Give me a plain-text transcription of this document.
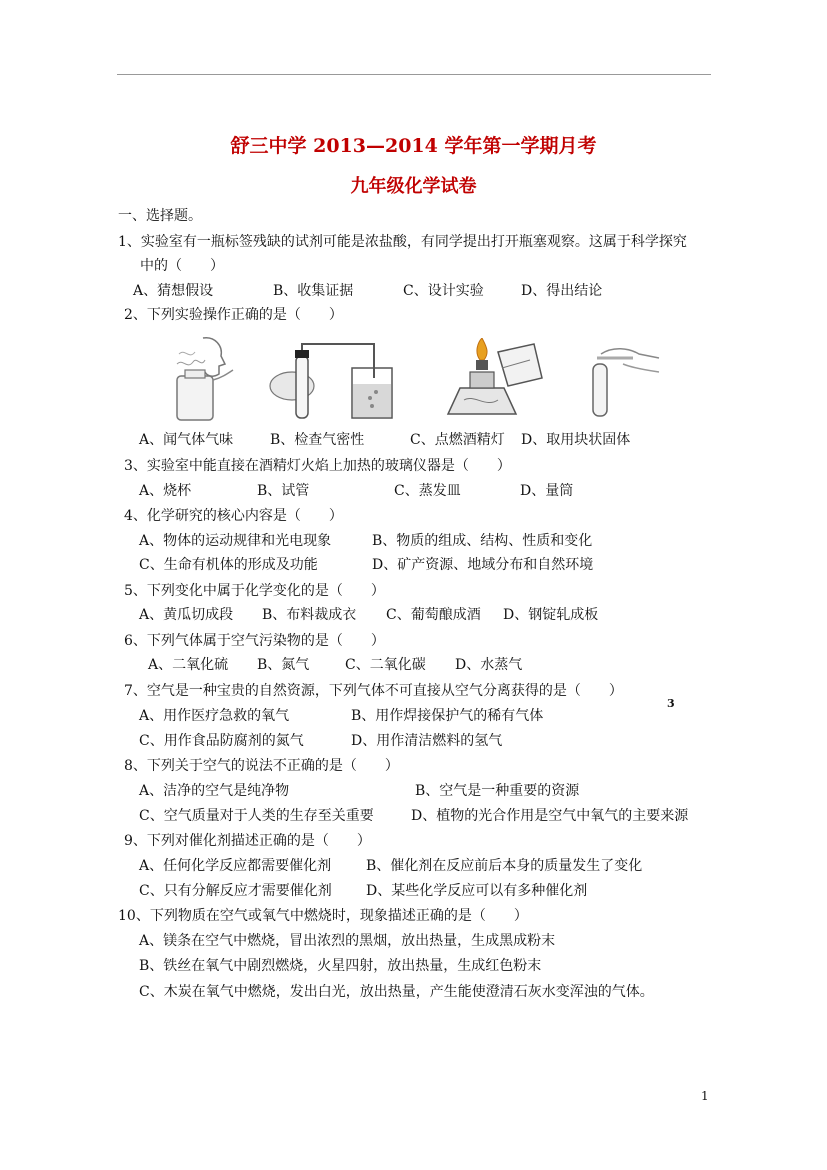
舒三中学 2013—2014 学年第一学期月考
九年级化学试卷
一、选择题。
1、实验室有一瓶标签残缺的试剂可能是浓盐酸，有同学提出打开瓶塞观察。这属于科学探究
中的（　　）
A、猜想假设	B、收集证据	C、设计实验	D、得出结论
2、下列实验操作正确的是（　　）
A、闻气体气味	B、检查气密性	C、点燃酒精灯 D、取用块状固体
3、实验室中能直接在酒精灯火焰上加热的玻璃仪器是（　　）
A、烧杯	B、试管	C、蒸发皿	D、量筒
4、化学研究的核心内容是（　　）
A、物体的运动规律和光电现象	B、物质的组成、结构、性质和变化
C、生命有机体的形成及功能	D、矿产资源、地域分布和自然环境
5、下列变化中属于化学变化的是（　　）
A、黄瓜切成段 B、布料裁成衣 C、葡萄酿成酒 D、钢锭轧成板
6、下列气体属于空气污染物的是（　　）
A、二氧化硫 B、氮气	C、二氧化碳 D、水蒸气
7、空气是一种宝贵的自然资源，下列气体不可直接从空气分离获得的是（　　）
3
A、用作医疗急救的氧气	B、用作焊接保护气的稀有气体
C、用作食品防腐剂的氮气	D、用作清洁燃料的氢气
8、下列关于空气的说法不正确的是（　　）
A、洁净的空气是纯净物	B、空气是一种重要的资源
C、空气质量对于人类的生存至关重要	D、植物的光合作用是空气中氧气的主要来源
9、下列对催化剂描述正确的是（　　）
A、任何化学反应都需要催化剂 B、催化剂在反应前后本身的质量发生了变化
C、只有分解反应才需要催化剂 D、某些化学反应可以有多种催化剂
10、下列物质在空气或氧气中燃烧时，现象描述正确的是（　　）
A、镁条在空气中燃烧，冒出浓烈的黑烟，放出热量，生成黑成粉末
B、铁丝在氧气中剧烈燃烧，火星四射，放出热量，生成红色粉末
C、木炭在氧气中燃烧，发出白光，放出热量，产生能使澄清石灰水变浑浊的气体。
1
